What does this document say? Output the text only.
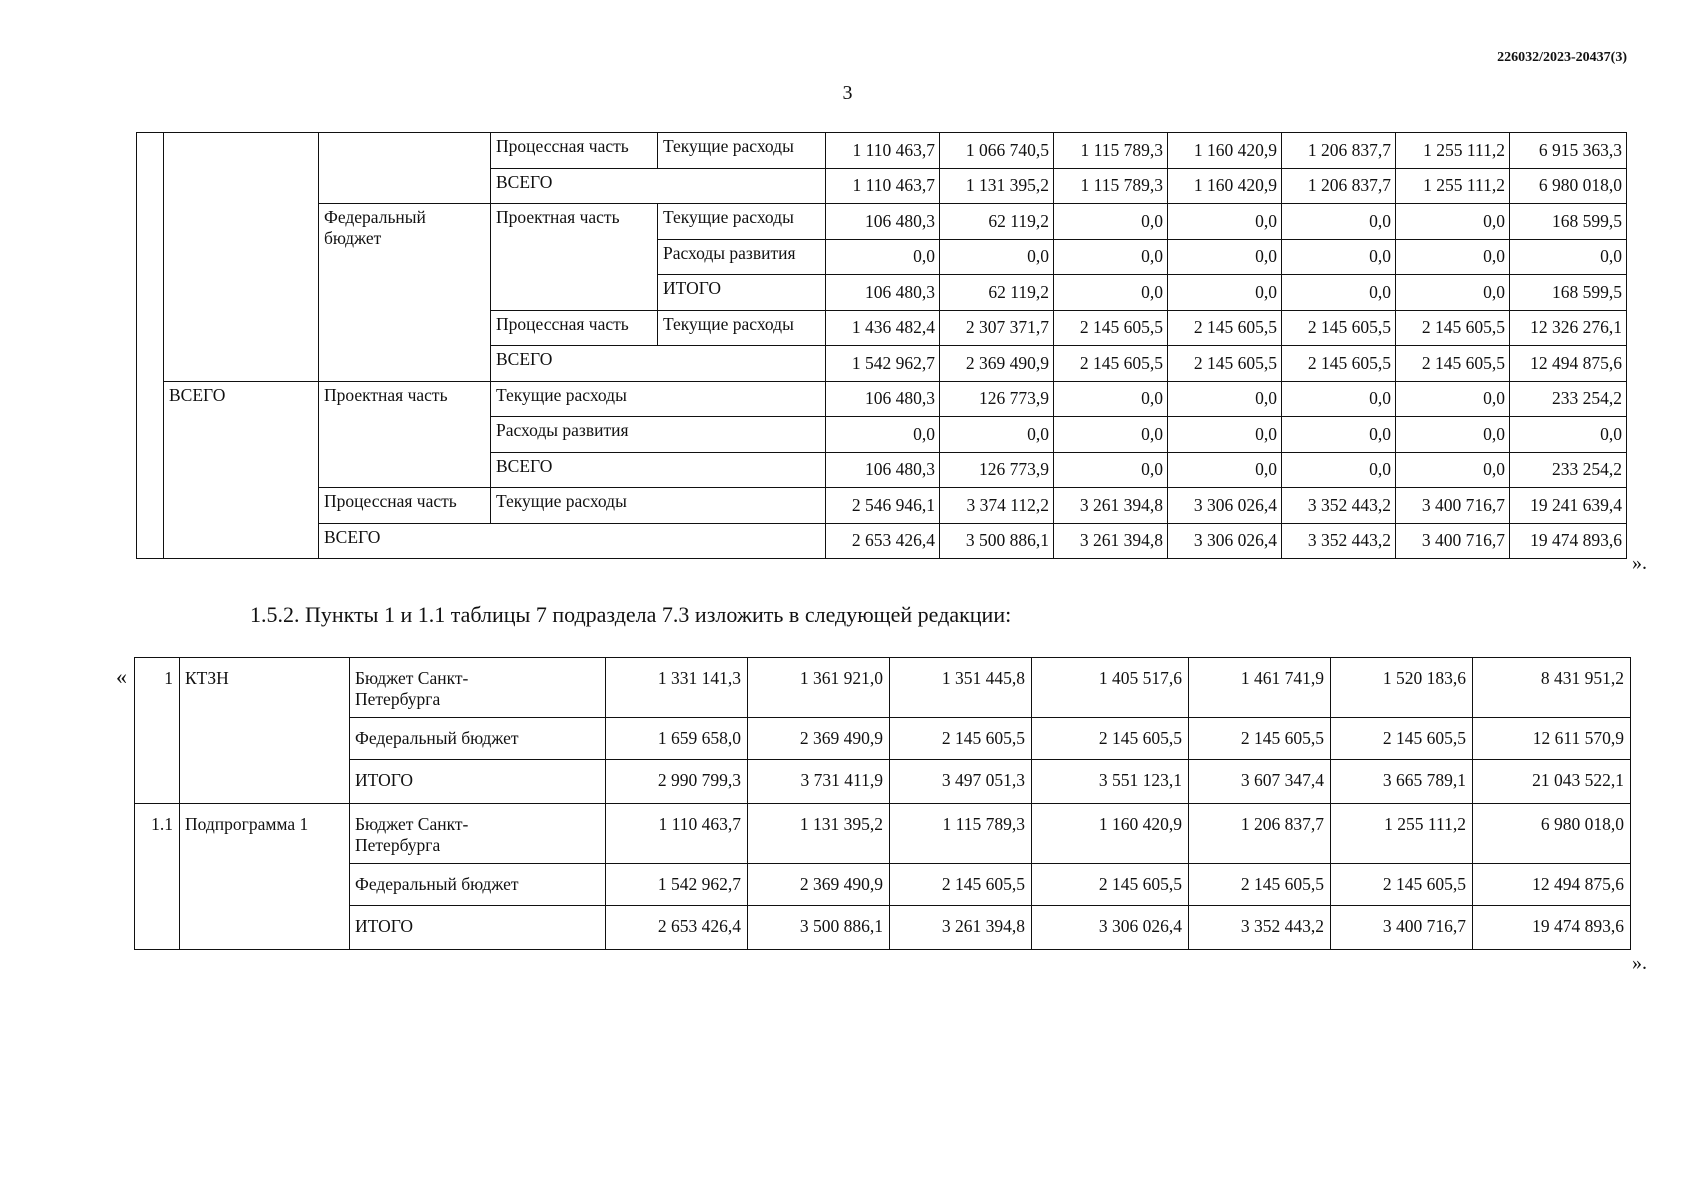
226032/2023-20437(3)
3
			Процессная часть	Текущие расходы	1 110 463,7	1 066 740,5	1 115 789,3	1 160 420,9	1 206 837,7	1 255 111,2	6 915 363,3
			ВСЕГО		1 110 463,7	1 131 395,2	1 115 789,3	1 160 420,9	1 206 837,7	1 255 111,2	6 980 018,0
		Федеральный бюджет	Проектная часть	Текущие расходы	106 480,3	62 119,2	0,0	0,0	0,0	0,0	168 599,5
				Расходы развития	0,0	0,0	0,0	0,0	0,0	0,0	0,0
				ИТОГО	106 480,3	62 119,2	0,0	0,0	0,0	0,0	168 599,5
			Процессная часть	Текущие расходы	1 436 482,4	2 307 371,7	2 145 605,5	2 145 605,5	2 145 605,5	2 145 605,5	12 326 276,1
			ВСЕГО		1 542 962,7	2 369 490,9	2 145 605,5	2 145 605,5	2 145 605,5	2 145 605,5	12 494 875,6
	ВСЕГО	Проектная часть	Текущие расходы		106 480,3	126 773,9	0,0	0,0	0,0	0,0	233 254,2
			Расходы развития		0,0	0,0	0,0	0,0	0,0	0,0	0,0
			ВСЕГО		106 480,3	126 773,9	0,0	0,0	0,0	0,0	233 254,2
		Процессная часть	Текущие расходы		2 546 946,1	3 374 112,2	3 261 394,8	3 306 026,4	3 352 443,2	3 400 716,7	19 241 639,4
		ВСЕГО			2 653 426,4	3 500 886,1	3 261 394,8	3 306 026,4	3 352 443,2	3 400 716,7	19 474 893,6
».
1.5.2. Пункты 1 и 1.1 таблицы 7 подраздела 7.3 изложить в следующей редакции:
« 1	КТЗН	Бюджет Санкт-Петербурга	1 331 141,3	1 361 921,0	1 351 445,8	1 405 517,6	1 461 741,9	1 520 183,6	8 431 951,2
		Федеральный бюджет	1 659 658,0	2 369 490,9	2 145 605,5	2 145 605,5	2 145 605,5	2 145 605,5	12 611 570,9
		ИТОГО	2 990 799,3	3 731 411,9	3 497 051,3	3 551 123,1	3 607 347,4	3 665 789,1	21 043 522,1
1.1	Подпрограмма 1	Бюджет Санкт-Петербурга	1 110 463,7	1 131 395,2	1 115 789,3	1 160 420,9	1 206 837,7	1 255 111,2	6 980 018,0
		Федеральный бюджет	1 542 962,7	2 369 490,9	2 145 605,5	2 145 605,5	2 145 605,5	2 145 605,5	12 494 875,6
		ИТОГО	2 653 426,4	3 500 886,1	3 261 394,8	3 306 026,4	3 352 443,2	3 400 716,7	19 474 893,6
».
